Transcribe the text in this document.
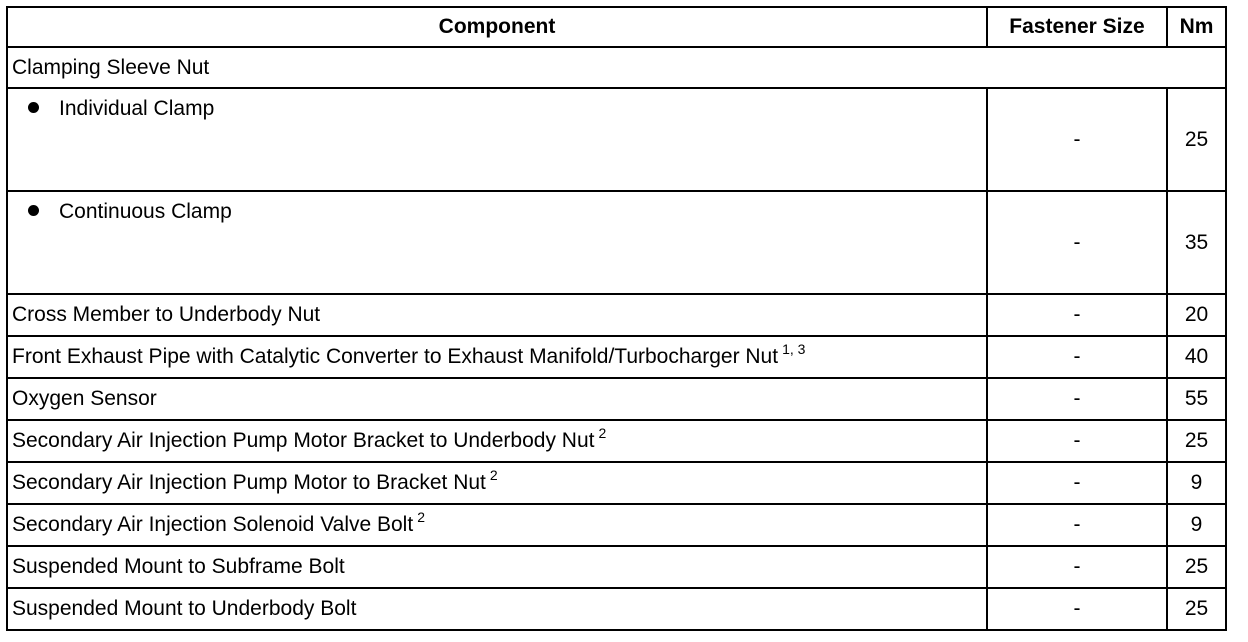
Component	Fastener Size	Nm
Clamping Sleeve Nut		
Individual Clamp	-	25
Continuous Clamp	-	35
Cross Member to Underbody Nut	-	20
Front Exhaust Pipe with Catalytic Converter to Exhaust Manifold/Turbocharger Nut $^{1, 3}$	-	40
Oxygen Sensor	-	55
Secondary Air Injection Pump Motor Bracket to Underbody Nut $^2$	-	25
Secondary Air Injection Pump Motor to Bracket Nut $^2$	-	9
Secondary Air Injection Solenoid Valve Bolt $^2$	-	9
Suspended Mount to Subframe Bolt	-	25
Suspended Mount to Underbody Bolt	-	25
